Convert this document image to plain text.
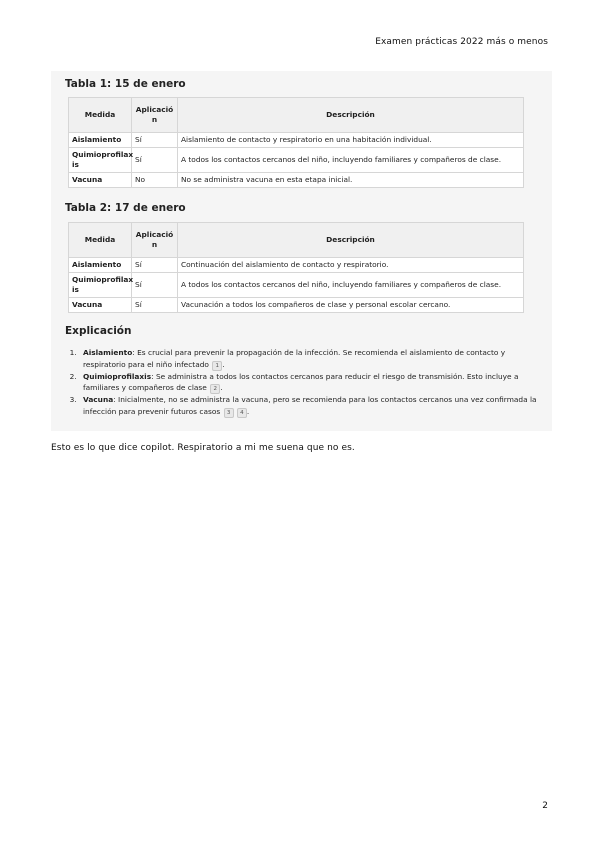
Examen prácticas 2022 más o menos
Tabla 1: 15 de enero
Medida	Aplicació n	Descripción
Aislamiento	Sí	Aislamiento de contacto y respiratorio en una habitación individual.
Quimioprofilax is	Sí	A todos los contactos cercanos del niño, incluyendo familiares y compañeros de clase.
Vacuna	No	No se administra vacuna en esta etapa inicial.
Tabla 2: 17 de enero
Medida	Aplicació n	Descripción
Aislamiento	Sí	Continuación del aislamiento de contacto y respiratorio.
Quimioprofilax is	Sí	A todos los contactos cercanos del niño, incluyendo familiares y compañeros de clase.
Vacuna	Sí	Vacunación a todos los compañeros de clase y personal escolar cercano.
Explicación
1. Aislamiento: Es crucial para prevenir la propagación de la infección. Se recomienda el aislamiento de contacto y respiratorio para el niño infectado 1 .
2. Quimioprofilaxis: Se administra a todos los contactos cercanos para reducir el riesgo de transmisión. Esto incluye a familiares y compañeros de clase 2 .
3. Vacuna: Inicialmente, no se administra la vacuna, pero se recomienda para los contactos cercanos una vez confirmada la infección para prevenir futuros casos 3 4 .
Esto es lo que dice copilot. Respiratorio a mi me suena que no es.
2
